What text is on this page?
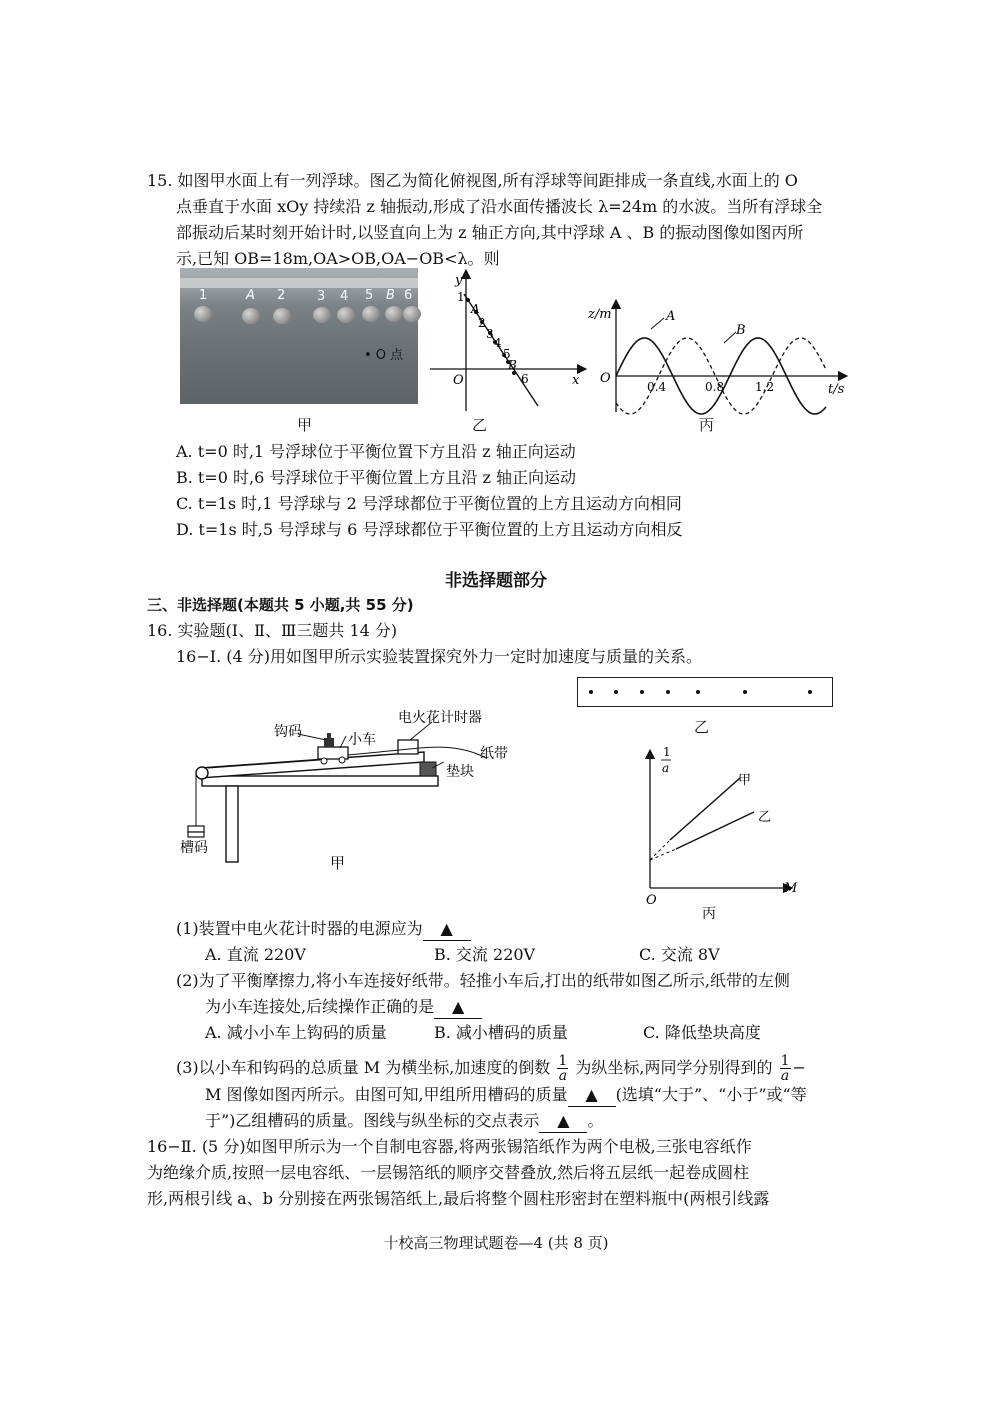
15. 如图甲水面上有一列浮球。图乙为简化俯视图,所有浮球等间距排成一条直线,水面上的 O
点垂直于水面 xOy 持续沿 z 轴振动,形成了沿水面传播波长 λ=24m 的水波。当所有浮球全
部振动后某时刻开始计时,以竖直向上为 z 轴正方向,其中浮球 A 、B 的振动图像如图丙所
示,已知 OB=18m,OA>OB,OA−OB<λ。则
1	A 2 3 4 5 B 6
• O 点
y
x
O
1
A
2
3
4
5
B
6
z/m
t/s
O
0.4	0.8	1.2
A
B
甲	乙	丙
A. t=0 时,1 号浮球位于平衡位置下方且沿 z 轴正向运动
B. t=0 时,6 号浮球位于平衡位置上方且沿 z 轴正向运动
C. t=1s 时,1 号浮球与 2 号浮球都位于平衡位置的上方且运动方向相同
D. t=1s 时,5 号浮球与 6 号浮球都位于平衡位置的上方且运动方向相反
非选择题部分
三、非选择题(本题共 5 小题,共 55 分)
16. 实验题(Ⅰ、Ⅱ、Ⅲ三题共 14 分)
16−Ⅰ. (4 分)用如图甲所示实验装置探究外力一定时加速度与质量的关系。
乙
钩码	小车
电火花计时器
纸带
垫块
槽码
甲
1
a
M
O
甲
乙
丙
(1)装置中电火花计时器的电源应为 ▲
A. 直流 220V	B. 交流 220V	C. 交流 8V
(2)为了平衡摩擦力,将小车连接好纸带。轻推小车后,打出的纸带如图乙所示,纸带的左侧
为小车连接处,后续操作正确的是 ▲
A. 减小小车上钩码的质量	B. 减小槽码的质量	C. 降低垫块高度
(3)以小车和钩码的总质量 M 为横坐标,加速度的倒数 $\frac{1}{a}$ 为纵坐标,两同学分别得到的 $\frac{1}{a}$ −
M 图像如图丙所示。由图可知,甲组所用槽码的质量 ▲ (选填“大于”、“小于”或“等
于”)乙组槽码的质量。图线与纵坐标的交点表示 ▲ 。
16−Ⅱ. (5 分)如图甲所示为一个自制电容器,将两张锡箔纸作为两个电极,三张电容纸作
为绝缘介质,按照一层电容纸、一层锡箔纸的顺序交替叠放,然后将五层纸一起卷成圆柱
形,两根引线 a、b 分别接在两张锡箔纸上,最后将整个圆柱形密封在塑料瓶中(两根引线露
十校高三物理试题卷—4 (共 8 页)
